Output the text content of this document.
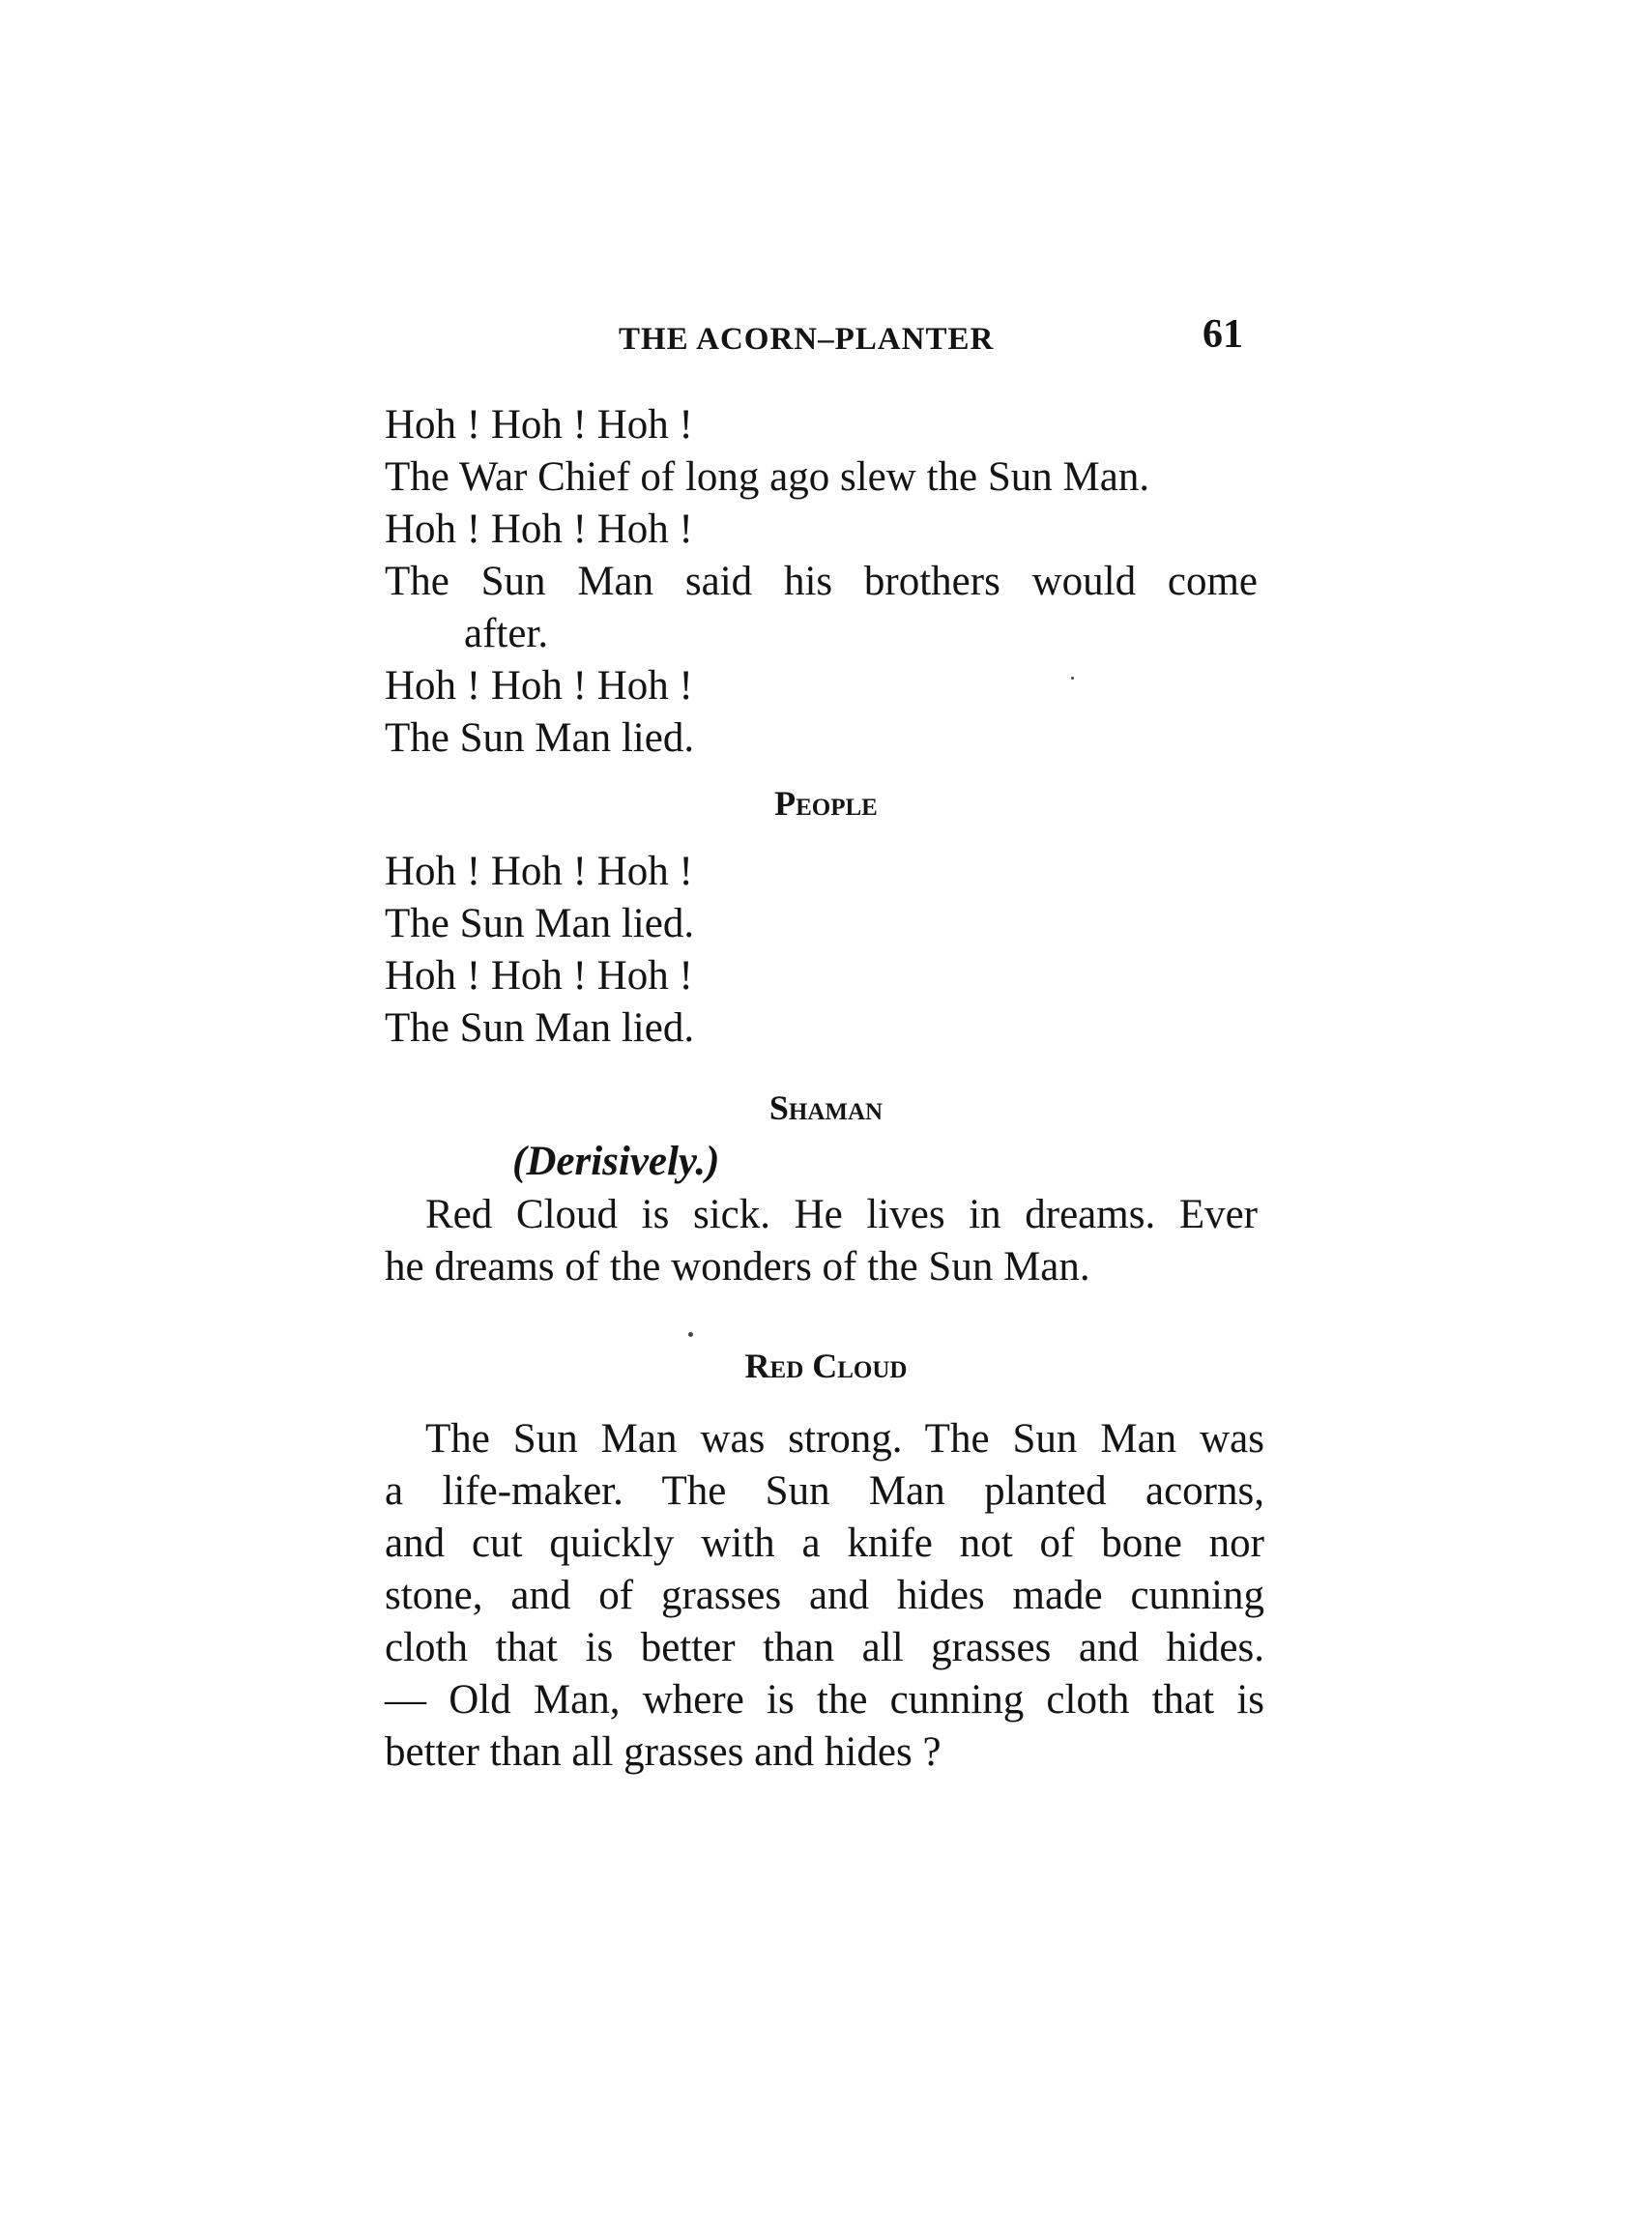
THE ACORN–PLANTER	61
Hoh ! Hoh ! Hoh !
The War Chief of long ago slew the Sun Man.
Hoh ! Hoh ! Hoh !
The Sun Man said his brothers would come
after.
Hoh ! Hoh ! Hoh !
The Sun Man lied.
People
Hoh ! Hoh ! Hoh !
The Sun Man lied.
Hoh ! Hoh ! Hoh !
The Sun Man lied.
Shaman
(Derisively.)
Red Cloud is sick. He lives in dreams. Ever
he dreams of the wonders of the Sun Man.
Red Cloud
The Sun Man was strong. The Sun Man was
a life-maker. The Sun Man planted acorns,
and cut quickly with a knife not of bone nor
stone, and of grasses and hides made cunning
cloth that is better than all grasses and hides.
— Old Man, where is the cunning cloth that is
better than all grasses and hides ?
